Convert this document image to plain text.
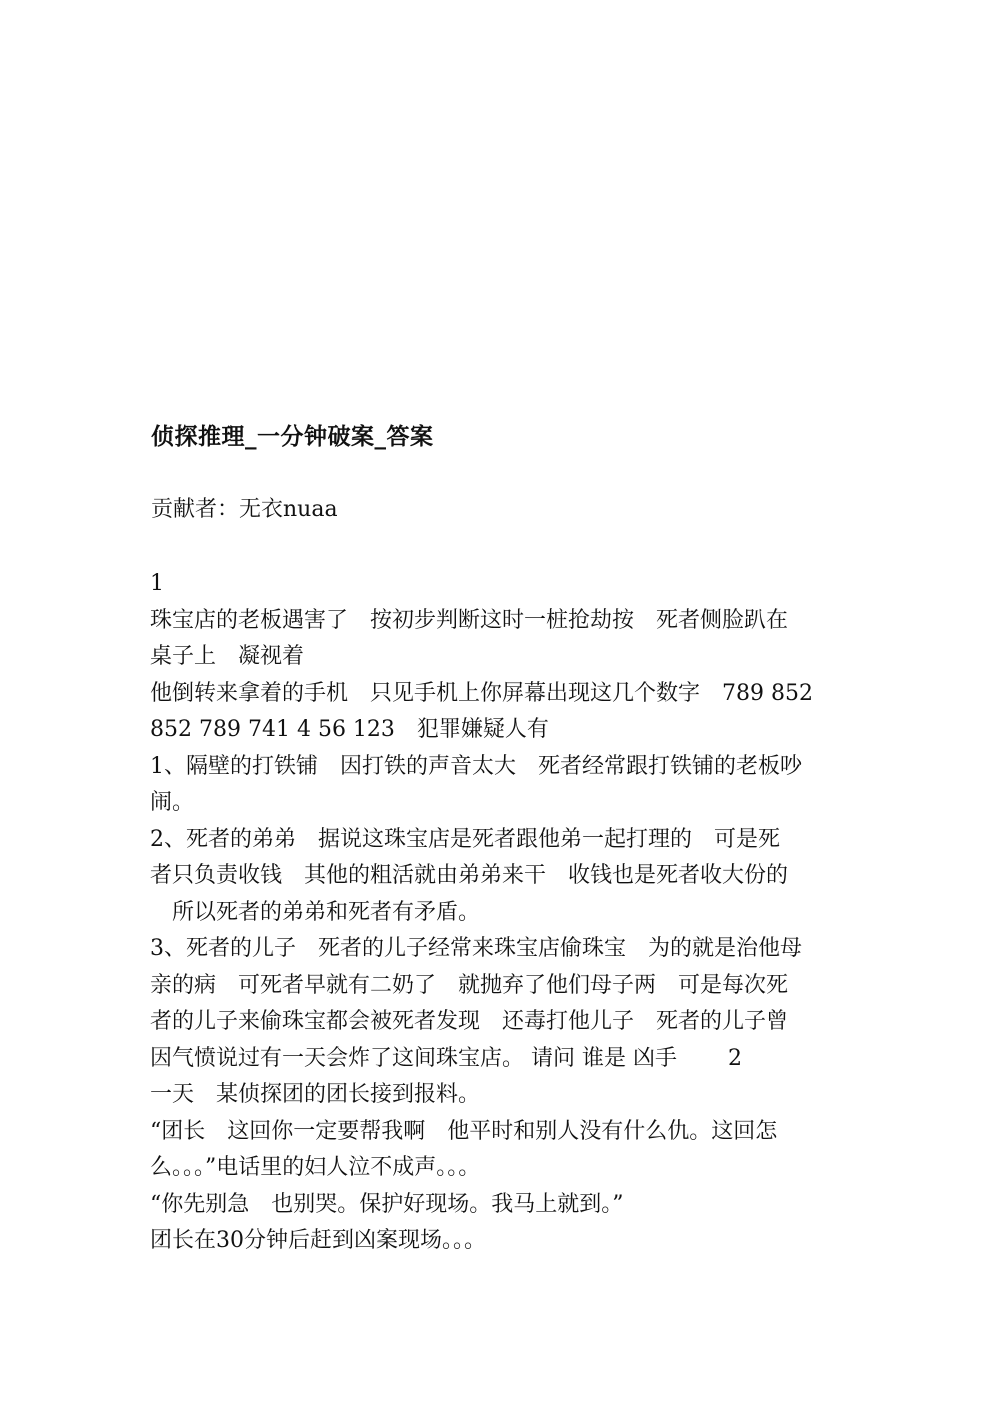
侦探推理_一分钟破案_答案
贡献者：无衣nuaa
1
珠宝店的老板遇害了　按初步判断这时一桩抢劫按　死者侧脸趴在
桌子上　凝视着
他倒转来拿着的手机　只见手机上你屏幕出现这几个数字　789 852
852 789 741 4 56 123　犯罪嫌疑人有
1、隔壁的打铁铺　因打铁的声音太大　死者经常跟打铁铺的老板吵
闹。
2、死者的弟弟　据说这珠宝店是死者跟他弟一起打理的　可是死
者只负责收钱　其他的粗活就由弟弟来干　收钱也是死者收大份的
　所以死者的弟弟和死者有矛盾。
3、死者的儿子　死者的儿子经常来珠宝店偷珠宝　为的就是治他母
亲的病　可死者早就有二奶了　就抛弃了他们母子两　可是每次死
者的儿子来偷珠宝都会被死者发现　还毒打他儿子　死者的儿子曾
因气愤说过有一天会炸了这间珠宝店。 请问 谁是 凶手　　 2
一天　某侦探团的团长接到报料。
“团长　这回你一定要帮我啊　他平时和别人没有什么仇。这回怎
么。。。”电话里的妇人泣不成声。。。
“你先别急　也别哭。保护好现场。我马上就到。”
团长在30分钟后赶到凶案现场。。。
